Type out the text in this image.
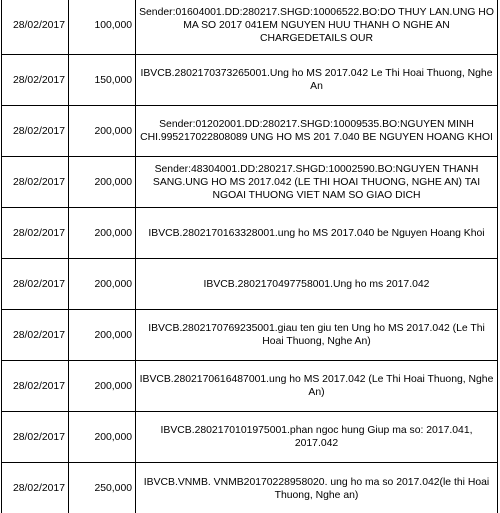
28/02/2017	100,000	Sender:01604001.DD:280217.SHGD:10006522.BO:DO THUY LAN.UNG HO MA SO 2017 041EM NGUYEN HUU THANH O NGHE AN CHARGEDETAILS OUR
28/02/2017	150,000	IBVCB.2802170373265001.Ung ho MS 2017.042 Le Thi Hoai Thuong, Nghe An
28/02/2017	200,000	Sender:01202001.DD:280217.SHGD:10009535.BO:NGUYEN MINH CHI.995217022808089 UNG HO MS 201 7.040 BE NGUYEN HOANG KHOI
28/02/2017	200,000	Sender:48304001.DD:280217.SHGD:10002590.BO:NGUYEN THANH SANG.UNG HO MS 2017.042 (LE THI HOAI THUONG, NGHE AN) TAI NGOAI THUONG VIET NAM SO GIAO DICH
28/02/2017	200,000	IBVCB.2802170163328001.ung ho MS 2017.040 be Nguyen Hoang Khoi
28/02/2017	200,000	IBVCB.2802170497758001.Ung ho ms 2017.042
28/02/2017	200,000	IBVCB.2802170769235001.giau ten giu ten Ung ho MS 2017.042 (Le Thi Hoai Thuong, Nghe An)
28/02/2017	200,000	IBVCB.2802170616487001.ung ho MS 2017.042 (Le Thi Hoai Thuong, Nghe An)
28/02/2017	200,000	IBVCB.2802170101975001.phan ngoc hung Giup ma so: 2017.041, 2017.042
28/02/2017	250,000	IBVCB.VNMB. VNMB20170228958020. ung ho ma so 2017.042(le thi Hoai Thuong, Nghe an)
